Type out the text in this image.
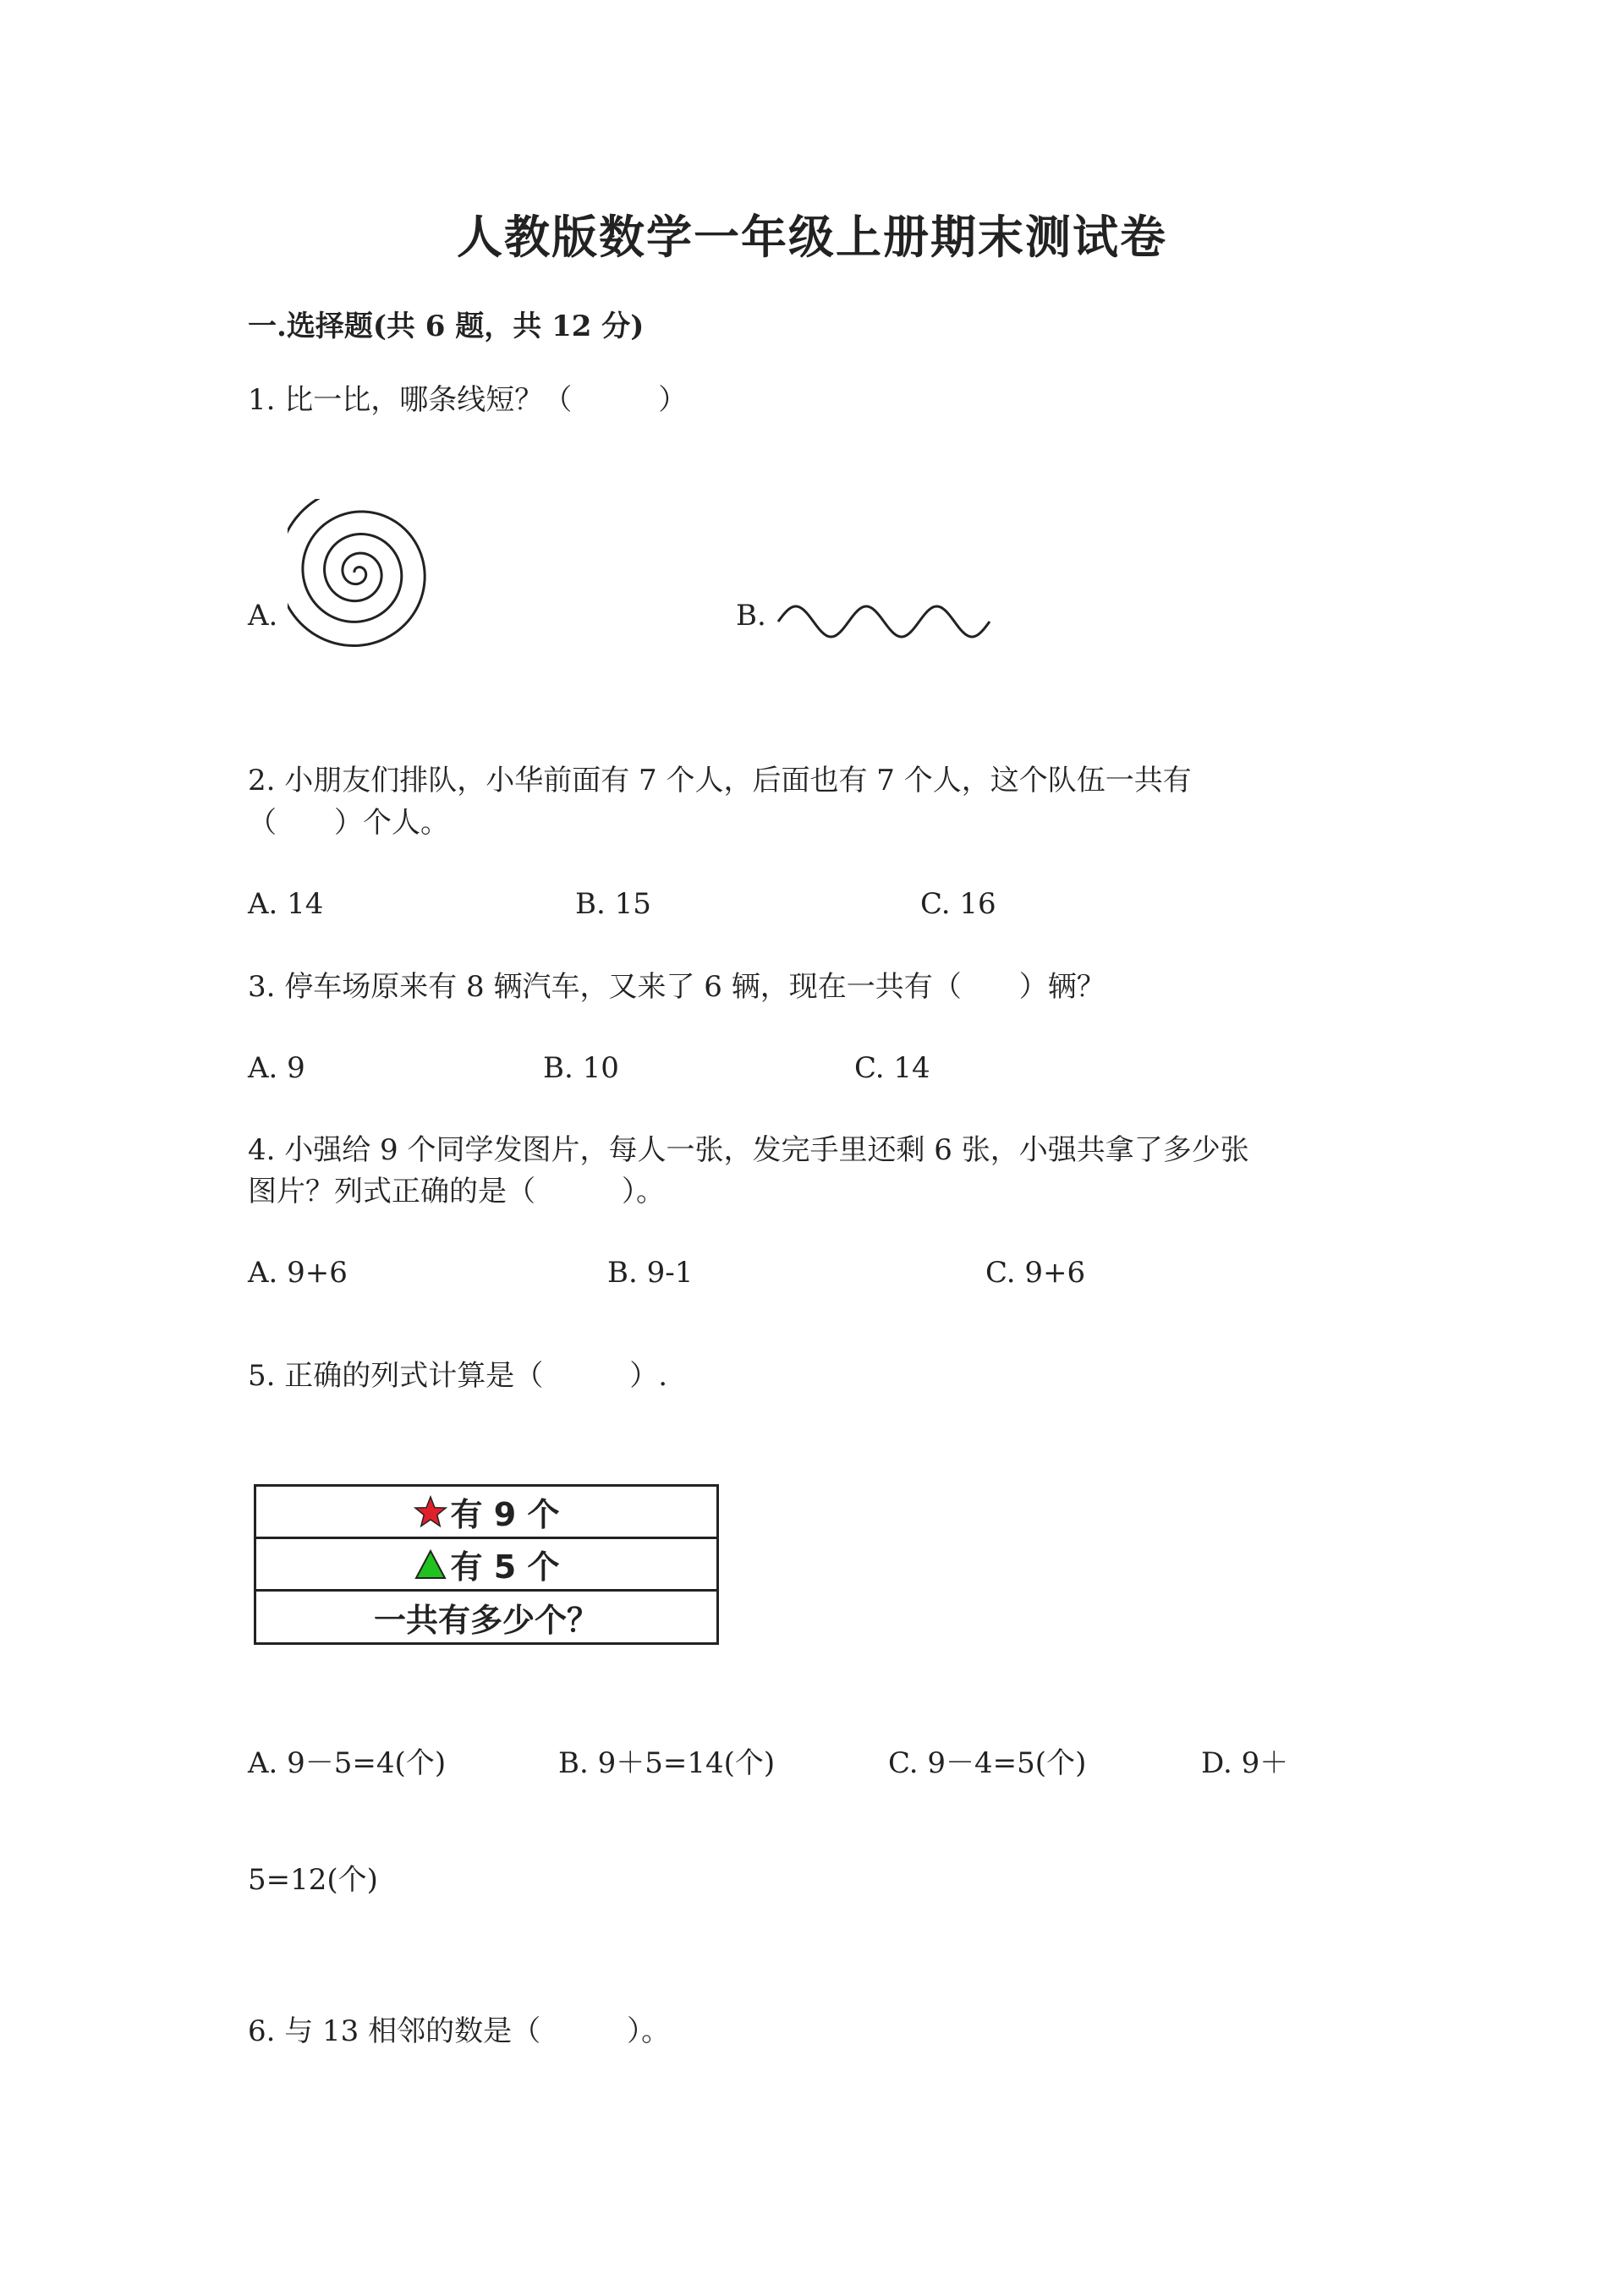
人教版数学一年级上册期末测试卷
一.选择题(共 6 题，共 12 分)
1. 比一比，哪条线短？（　　　）
A.	B.
2. 小朋友们排队，小华前面有 7 个人，后面也有 7 个人，这个队伍一共有
（　　）个人。
A. 14	B. 15	C. 16
3. 停车场原来有 8 辆汽车，又来了 6 辆，现在一共有（　　）辆？
A. 9	B. 10	C. 14
4. 小强给 9 个同学发图片，每人一张，发完手里还剩 6 张，小强共拿了多少张
图片？列式正确的是（　　　）。
A. 9+6	B. 9-1	C. 9+6
5. 正确的列式计算是（　　　）.
有 9 个
有 5 个
一共有多少个？
A. 9－5=4(个)	B. 9＋5=14(个)	C. 9－4=5(个)	D. 9＋
5=12(个)
6. 与 13 相邻的数是（　　　）。
